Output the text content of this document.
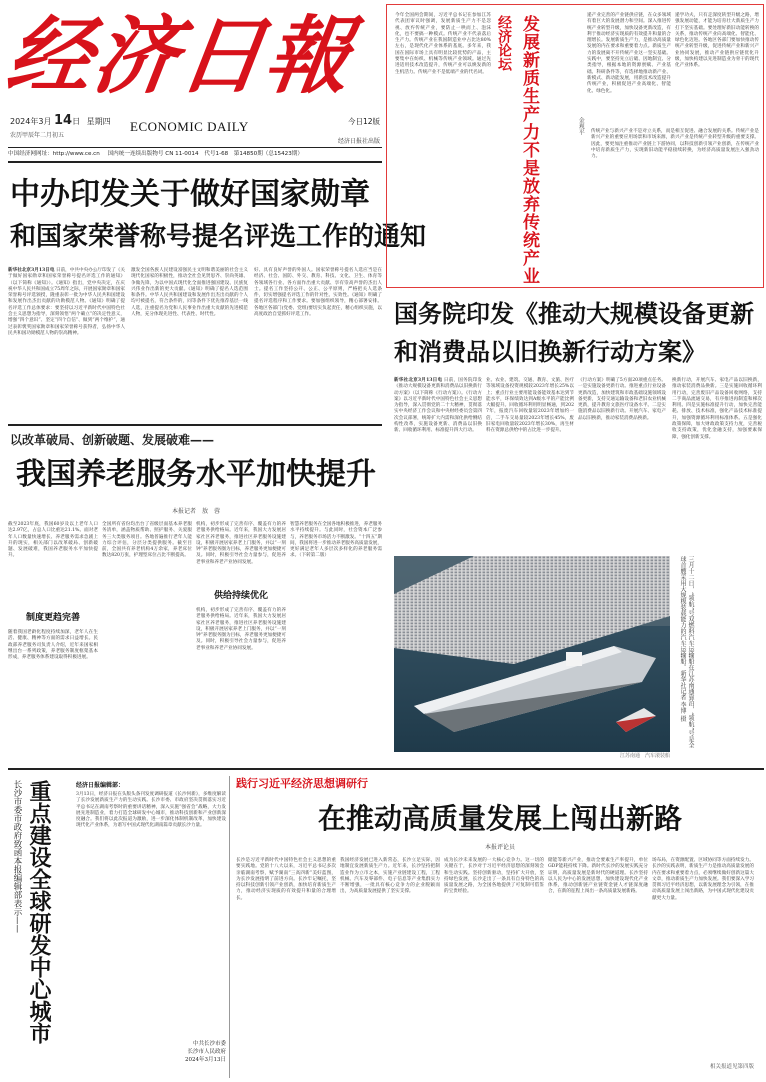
经济日報
2024年3月 14日 星期四
农历甲辰年二月初五
ECONOMIC DAILY	今日12版
经济日报社出版
中国经济网网址：http://www.ce.cn 国内统一连续出版物号 CN 11-0014 代号1-68　第14850期（总15423期）
中办印发关于做好国家勋章
和国家荣誉称号提名评选工作的通知
新华社北京3月13日电 日前，中共中央办公厅印发了《关于做好国家勋章和国家荣誉称号提名评选工作的通知》（以下简称《通知》）。《通知》指出，党中央决定，在庆祝中华人民共和国成立75周年之际，开展国家勋章和国家荣誉称号评选颁授，隆重表彰一批为中华人民共和国建设和发展作出杰出贡献的功勋模范人物。《通知》明确了提名评选工作总体要求：要坚持以习近平新时代中国特色社会主义思想为指导，深刻领悟“两个确立”的决定性意义，增强“四个意识”、坚定“四个自信”、做到“两个维护”，通过表彰褒奖国家勋章和国家荣誉称号获得者，弘扬中华人民共和国功勋模范人物的崇高精神。
激发全国各族人民建设富强民主文明和谐美丽的社会主义现代化国家的积极性，推动全社会见贤思齐、崇尚英雄、争做先锋，为以中国式现代化全面推进强国建设、民族复兴伟业作出新的更大贡献。《通知》明确了提名人选范围和条件。中华人民共和国建设和发展作出杰出贡献的个人均可被提名，符合条件的，同等条件下优先推荐基层一线人选，注重提名为党和人民事业作出重大贡献的先进模范人物，充分体现先进性、代表性、时代性。
好、具有良好声誉的外国人。国家荣誉称号提名人选应当是在经济、社会、国防、外交、教育、科技、文化、卫生、体育等各领域各行业、各方面作出重大贡献、享有崇高声誉的杰出人士。提名工作坚持公开、公正、公平原则，严格把关人选条件，切实增强提名评选工作的针对性、实效性。《通知》明确了提名评选程序和工作要求。要加强组织领导，精心部署安排。各地区各部门(党委、党组)要切实负起责任，精心组织实施，以高度政治自觉抓好评选工作。
今年全国两会期间，习近平总书记在参加江苏代表团审议时强调，发展新质生产力不是忽视、放弃传统产业，要防止一哄而上、泡沫化，也不要搞一种模式。传统产业不代表落后生产力。传统产业在我国制造业中占比达80%左右，是现代化产业体系的基底。多年来，我国在国际市场上具有明显比较优势的产品，主要集中在纺织、机械等传统产业领域。通过先进适用技术改造提升，传统产业可以焕发新的生机活力。传统产业不是低端产业的代名词。
经济论坛 发展新质生产力不是放弃传统产业	金观平
递产业完善的产业链供应链，在众多领域有着巨大的发展潜力和空间。深入推进传统产业转型升级，加快设备更新改造，有利于推动经济实现质的有效提升和量的合理增长。发展新质生产力，是推动高质量发展的内在要求和重要着力点。新质生产力的发展离不开传统产业这一坚实基础。实践中，要坚持先立后破、因地制宜、分类指导，根据本地的资源禀赋、产业基础、科研条件等，有选择地推动新产业、新模式、新动能发展，用新技术改造提升传统产业，积极促进产业高端化、智能化、绿色化。
递学功夫，只有走深度转型升级之路，增强发展动能，才能为培育壮大新质生产力打下坚实基础。要处理好新旧动能转换的关系，推动传统产业向高端化、智能化、绿色化迈进。各地区各部门要加快推动传统产业转型升级，促进传统产业和新兴产业协同发展，推动产业链供应链优化升级，加快构建以先进制造业为骨干的现代化产业体系。
传统产业与新兴产业不是对立关系，而是相互促进、融合发展的关系。传统产业是新兴产业的重要应用场景和市场来源，新兴产业是传统产业转型升级的重要支撑。因此，要更加注重推动产业链上下游协同，以科技创新引领产业创新，在传统产业中培育新质生产力，实现新旧动能平稳接续转换，为经济高质量发展注入强劲动力。
国务院印发《推动大规模设备更新
和消费品以旧换新行动方案》
新华社北京3月13日电 日前，国务院印发《推动大规模设备更新和消费品以旧换新行动方案》（以下简称《行动方案》）。《行动方案》以习近平新时代中国特色社会主义思想为指导，深入贯彻党的二十大精神，贯彻落实中央经济工作会议和中央财经委员会第四次会议部署，统筹扩大内需和深化供给侧结构性改革，实施设备更新、消费品以旧换新、回收循环利用、标准提升四大行动。
业、农业、建筑、交通、教育、文旅、医疗等领域设备投资规模较2023年增长25%以上；重点行业主要用能设备能效基本达到节能水平，环保绩效达到A级水平的产能比例大幅提升。回收循环利用明显畅通，到2027年，报废汽车回收量较2023年增加约一倍，二手车交易量较2023年增长45%，废旧家电回收量较2023年增长30%，再生材料在资源总供给中的占比进一步提升。
《行动方案》明确了5方面20项重点任务。一是实施设备更新行动。推进重点行业设备更新改造，加快建筑和市政基础设施领域设备更新，支持交通运输设备和老旧农业机械更新，提升教育文旅医疗设备水平。二是实施消费品以旧换新行动。开展汽车、家电产品以旧换新，推动家装消费品换新。
换新行动，开展汽车、家电产品以旧换新，推动家装消费品换新。三是实施回收循环利用行动，完善废旧产品设备回收网络，支持二手商品流通交易，有序推进再制造和梯次利用。四是实施标准提升行动，加快完善能耗、排放、技术标准，强化产品技术标准提升，加强资源循环利用标准体系。五是强化政策保障，加大财政政策支持力度，完善税收支持政策，优化金融支持，加强要素保障，强化创新支撑。
三月十二日，“领航”号双燃料汽车运输船在江苏南通靠泊，“领航”号是全球首艘采用大规模装载能力的汽车运输船。新华社记者 李博 摄
江苏南通　汽车滚装船
以改革破局、创新破题、发展破难——
我国养老服务水平加快提升
本报记者　敖　蓉
截至2023年底，我国60岁及以上老年人口达2.97亿，占总人口比重达21.1%。面对老年人口数量快速增长、养老服务需求急剧上升的现实，相关部门以改革破局、创新破题、发展破难，我国养老服务水平加快提升。
制度更趋完善
随着我国老龄化程度持续加深，老年人在生活、健康、精神等方面的需求日益增长。民政部养老服务司负责人介绍，近年来国家相继出台一系列政策，养老服务制度框架基本形成，养老服务体系建设取得积极进展。
全国所有省份均出台了省级层面基本养老服务清单，涵盖物质帮助、照护服务、关爱服务三大类服务项目。各地普遍推行老年人能力综合评估，分层分类提供服务。截至目前，全国共有养老机构4万余家，养老床位数达820万张，护理型床位占比不断提高。
机构，初步形成了完善有序、覆盖有力的养老服务供给格局。近年来，我国大力发展居家社区养老服务，推进社区养老服务设施建设，积极开展居家养老上门服务，并以“一刻钟”养老服务圈为目标，养老服务更加便捷可及。同时，积极引导社会力量参与，促进养老事业和养老产业协同发展。
供给持续优化
机构，初步形成了完善有序、覆盖有力的养老服务供给格局。近年来，我国大力发展居家社区养老服务，推进社区养老服务设施建设，积极开展居家养老上门服务，并以“一刻钟”养老服务圈为目标，养老服务更加便捷可及。同时，积极引导社会力量参与，促进养老事业和养老产业协同发展。
智慧养老服务在全国各地积极推进，养老服务水平持续提升。与此同时，社会资本广泛参与，养老服务市场活力不断激发。“十四五”期间，我国将进一步推动养老服务高质量发展，更好满足老年人多层次多样化的养老服务需求。（下转第二版）
长沙市委市政府致函本报编辑部表示—— 重点建设全球研发中心城市	经济日报编辑部：
3月13日，经济日报在头版头条刊发度调研报道《长沙何新》，多维度解读了长沙发展新质生产力的生动实践。长沙市委、市政府坚决贯彻落实习近平总书记在湖南考察时的重要讲话精神，深入实施“强省会”战略，大力发展先进制造业，着力打造全球研发中心城市，推动科技创新和产业创新深度融合。我们将以此次报道为激励，进一步深化体制机制改革，加快建设现代化产业体系，为谱写中国式现代化湖南篇章贡献长沙力量。
中共长沙市委
长沙市人民政府
2024年3月13日
践行习近平经济思想调研行
在推动高质量发展上闯出新路
本报评论员
长沙是习近平新时代中国特色社会主义思想的重要实践地。党的十八大以来，习近平总书记多次亲临湖南考察，赋予湖南“三高四新”美好蓝图，为长沙发展指明了前进方向。长沙牢记嘱托，坚持以科技创新引领产业创新，加快培育新质生产力，推动经济实现质的有效提升和量的合理增长。
我国经济发展已进入新常态，长沙立足实际，因地制宜发展新质生产力。近年来，长沙坚持把制造业作为立市之本，实施产业链建设工程，工程机械、汽车及零部件、电子信息等产业集群实力不断增强，一批具有核心竞争力的企业脱颖而出，为高质量发展提供了坚实支撑。
成为长沙未来发展的一大核心竞争力。这一切的关键在于，长沙对于习近平经济思想的深刻领会和生动实践。坚持创新驱动，坚持扩大开放，坚持绿色发展，长沙走出了一条具有自身特色的高质量发展之路，为全国各地提供了可复制可借鉴的宝贵经验。
储能等新兴产业，推动全要素生产率提升，单位GDP能耗持续下降。新时代长沙的发展实践充分证明，高质量发展是新时代的硬道理。长沙坚持以人民为中心的发展思想，加快建设现代化产业体系，推动创新链产业链资金链人才链深度融合，在新的征程上闯出一条高质量发展新路。
场布局，在资源配置、区域协同等方面持续发力。长沙的实践表明，新质生产力是推动高质量发展的内在要求和重要着力点，必须继续做好创新这篇大文章，推动新质生产力加快发展。我们要深入学习贯彻习近平经济思想，以新发展理念为引领，在推动高质量发展上闯出新路，为中国式现代化建设贡献更大力量。
相关报道见第四版
